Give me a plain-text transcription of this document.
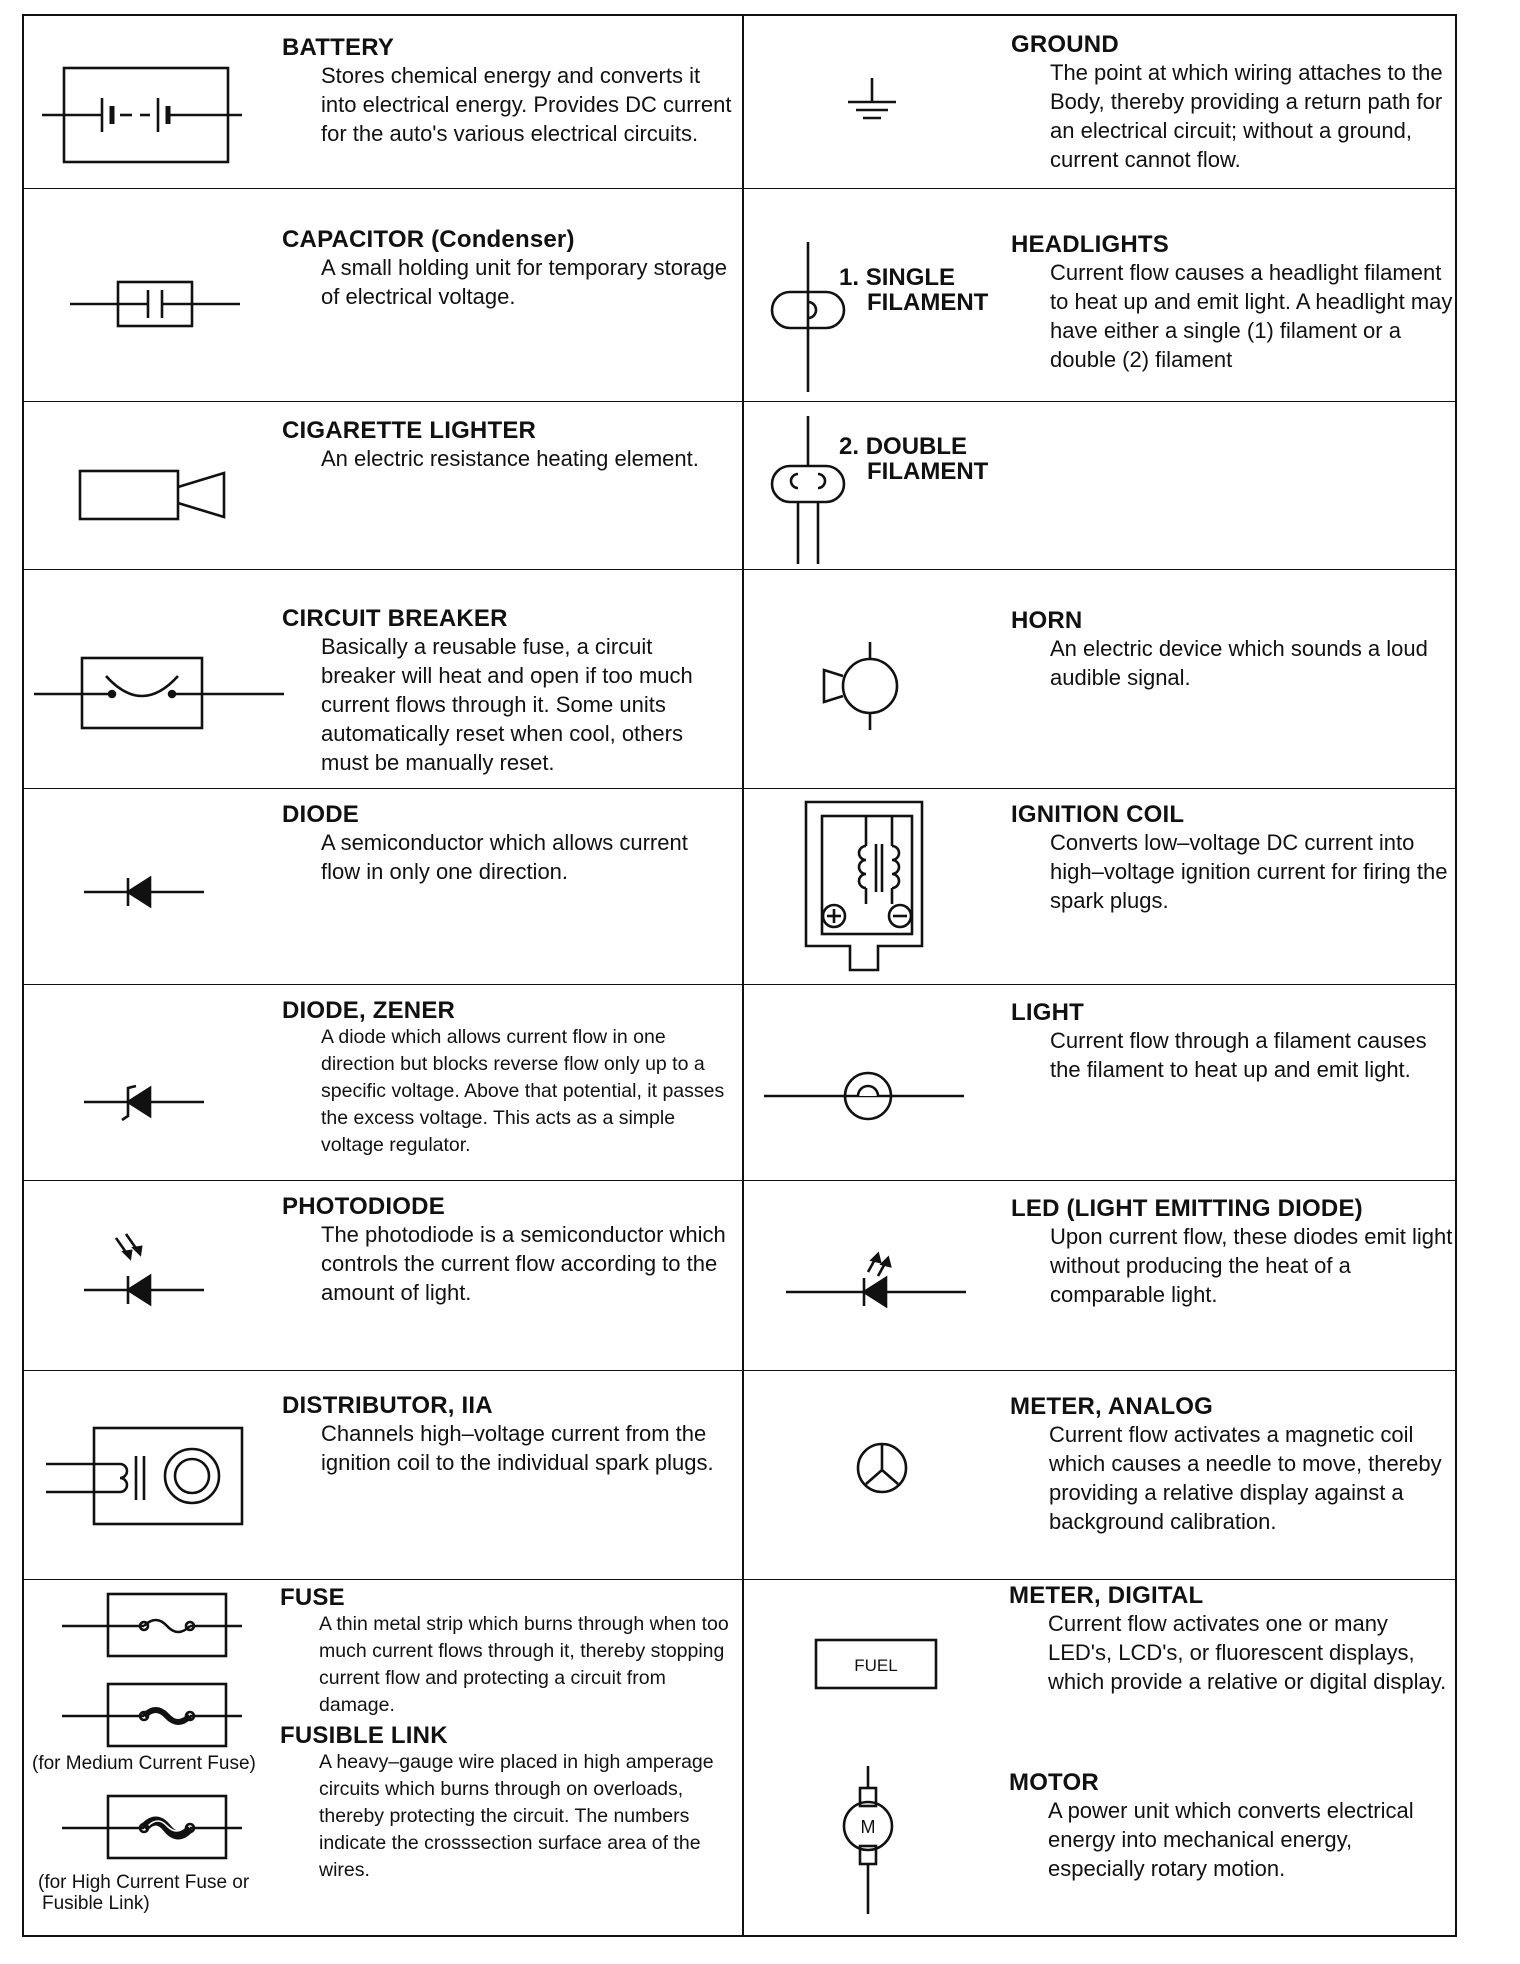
BATTERY
Stores chemical energy and converts it into electrical energy. Provides DC current for the auto's various electrical circuits.
CAPACITOR (Condenser)
A small holding unit for temporary storage of electrical voltage.
CIGARETTE LIGHTER
An electric resistance heating element.
CIRCUIT BREAKER
Basically a reusable fuse, a circuit breaker will heat and open if too much current flows through it. Some units automatically reset when cool, others must be manually reset.
DIODE
A semiconductor which allows current flow in only one direction.
DIODE, ZENER
A diode which allows current flow in one direction but blocks reverse flow only up to a specific voltage. Above that potential, it passes the excess voltage. This acts as a simple voltage regulator.
PHOTODIODE
The photodiode is a semiconductor which controls the current flow according to the amount of light.
DISTRIBUTOR, IIA
Channels high–voltage current from the ignition coil to the individual spark plugs.
(for Medium Current Fuse)
(for High Current Fuse or
Fusible Link)
FUSE
A thin metal strip which burns through when too much current flows through it, thereby stopping current flow and protecting a circuit from damage.
FUSIBLE LINK
A heavy–gauge wire placed in high amperage circuits which burns through on overloads, thereby protecting the circuit. The numbers indicate the crosssection surface area of the wires.
GROUND
The point at which wiring attaches to the Body, thereby providing a return path for an electrical circuit; without a ground, current cannot flow.
1. SINGLE
FILAMENT
HEADLIGHTS
Current flow causes a headlight filament to heat up and emit light. A headlight may have either a single (1) filament or a double (2) filament
2. DOUBLE
FILAMENT
HORN
An electric device which sounds a loud audible signal.
IGNITION COIL
Converts low–voltage DC current into high–voltage ignition current for firing the spark plugs.
LIGHT
Current flow through a filament causes the filament to heat up and emit light.
LED (LIGHT EMITTING DIODE)
Upon current flow, these diodes emit light without producing the heat of a comparable light.
METER, ANALOG
Current flow activates a magnetic coil which causes a needle to move, thereby providing a relative display against a background calibration.
FUEL
METER, DIGITAL
Current flow activates one or many LED's, LCD's, or fluorescent displays, which provide a relative or digital display.
M
MOTOR
A power unit which converts electrical energy into mechanical energy, especially rotary motion.
